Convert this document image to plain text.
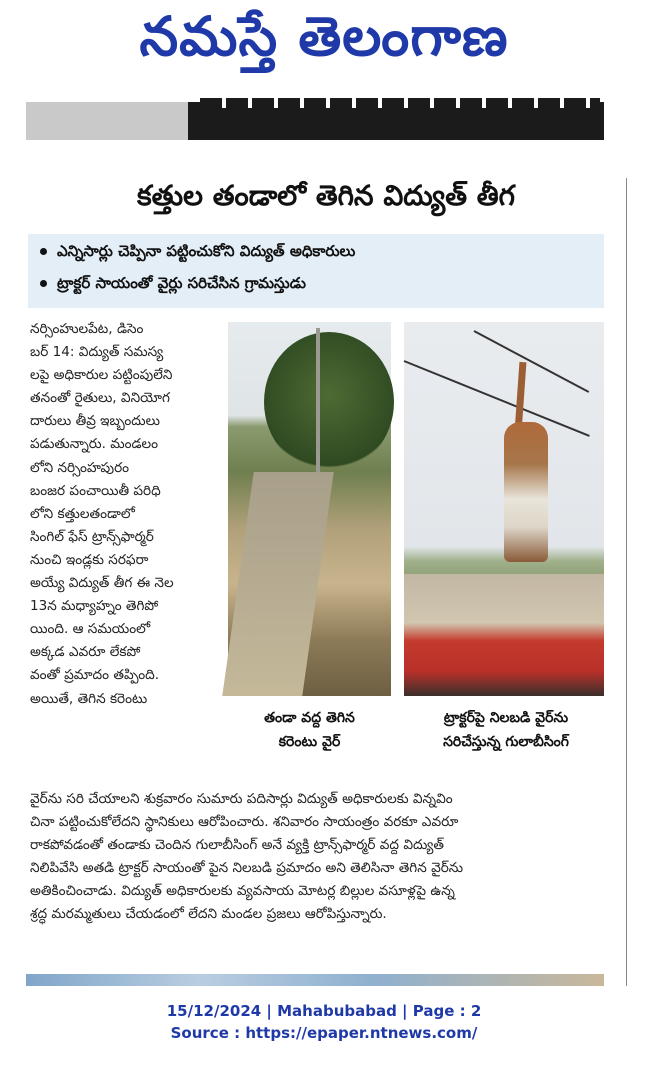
నమస్తే తెలంగాణ
కత్తుల తండాలో తెగిన విద్యుత్ తీగ
ఎన్నిసార్లు చెప్పినా పట్టించుకోని విద్యుత్ అధికారులు
ట్రాక్టర్ సాయంతో వైర్లు సరిచేసిన గ్రామస్తుడు
నర్సింహులపేట, డిసెం
బర్ 14: విద్యుత్ సమస్య
లపై అధికారుల పట్టింపులేని
తనంతో రైతులు, వినియోగ
దారులు తీవ్ర ఇబ్బందులు
పడుతున్నారు. మండలం
లోని నర్సింహపురం
బంజర పంచాయితీ పరిధి
లోని కత్తులతండాలో
సింగిల్ ఫేస్ ట్రాన్స్‌ఫార్మర్
నుంచి ఇండ్లకు సరఫరా
అయ్యే విద్యుత్ తీగ ఈ నెల
13న మధ్యాహ్నం తెగిపో
యింది. ఆ సమయంలో
అక్కడ ఎవరూ లేకపో
వంతో ప్రమాదం తప్పింది.
అయితే, తెగిన కరెంటు
తండా వద్ద తెగిన
కరెంటు వైర్
ట్రాక్టర్‌పై నిలబడి వైర్‌ను
సరిచేస్తున్న గులాబీసింగ్
వైర్‌ను సరి చేయాలని శుక్రవారం సుమారు పదిసార్లు విద్యుత్ అధికారులకు విన్నవిం
చినా పట్టించుకోలేదని స్థానికులు ఆరోపించారు. శనివారం సాయంత్రం వరకూ ఎవరూ
రాకపోవడంతో తండాకు చెందిన గులాబీసింగ్ అనే వ్యక్తి ట్రాన్స్‌ఫార్మర్ వద్ద విద్యుత్
నిలిపివేసి అతడి ట్రాక్టర్ సాయంతో పైన నిలబడి ప్రమాదం అని తెలిసినా తెగిన వైర్‌ను
అతికించించాడు. విద్యుత్ అధికారులకు వ్యవసాయ మోటర్ల బిల్లుల వసూళ్లపై ఉన్న
శ్రద్ధ మరమ్మతులు చేయడంలో లేదని మండల ప్రజలు ఆరోపిస్తున్నారు.
15/12/2024 | Mahabubabad | Page : 2
Source : https://epaper.ntnews.com/
